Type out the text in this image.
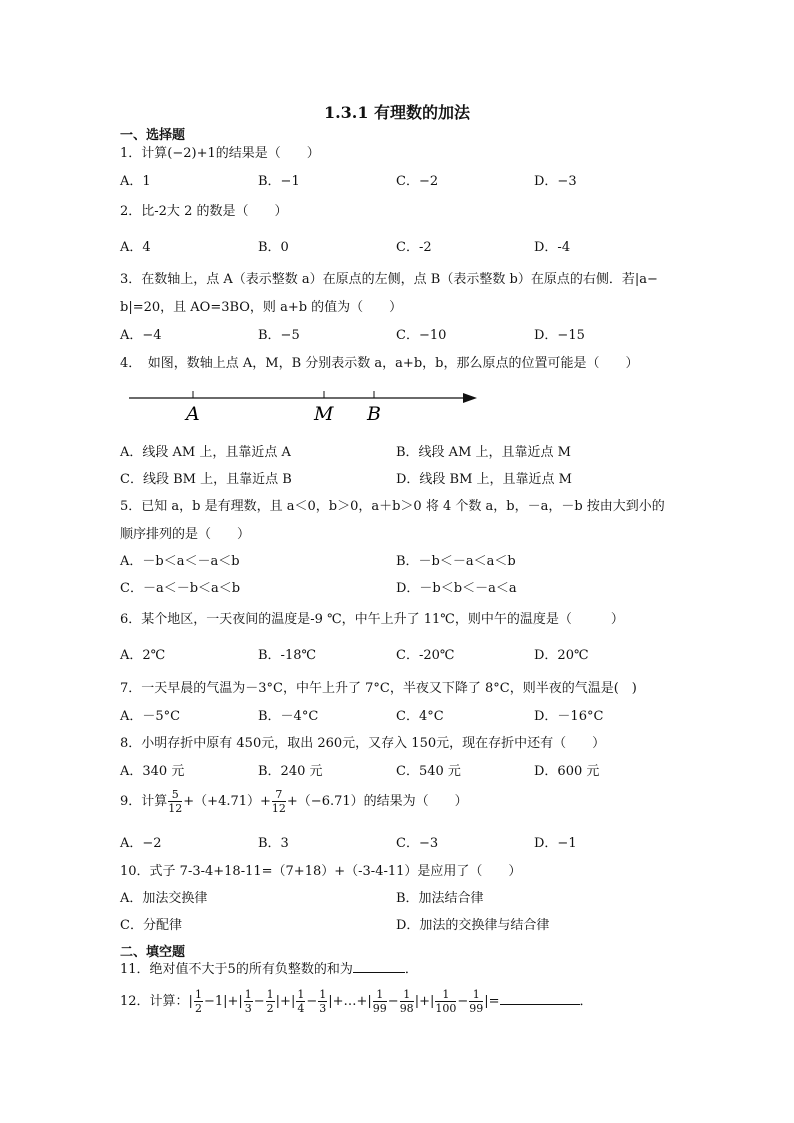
1.3.1 有理数的加法
一、选择题
1．计算(−2)+1的结果是（　　）
A．1	B．−1	C．−2	D．−3
2．比-2大 2 的数是（　　）
A．4	B．0	C．-2	D．-4
3．在数轴上，点 A（表示整数 a）在原点的左侧，点 B（表示整数 b）在原点的右侧．若|a−
b|=20，且 AO=3BO，则 a+b 的值为（　　）
A．−4	B．−5	C．−10	D．−15
4．　如图，数轴上点 A，M，B 分别表示数 a，a+b，b，那么原点的位置可能是（　　）
A	M B
A．线段 AM 上，且靠近点 A	B．线段 AM 上，且靠近点 M
C．线段 BM 上，且靠近点 B	D．线段 BM 上，且靠近点 M
5．已知 a，b 是有理数，且 a＜0，b＞0，a＋b＞0 将 4 个数 a，b，－a，－b 按由大到小的
顺序排列的是（　　）
A．－b＜a＜－a＜b	B．－b＜－a＜a＜b
C．－a＜－b＜a＜b	D．－b＜b＜－a＜a
6．某个地区，一天夜间的温度是-9 ℃，中午上升了 11℃，则中午的温度是（　　　）
A．2℃	B．-18℃	C．-20℃	D．20℃
7．一天早晨的气温为－3°C，中午上升了 7°C，半夜又下降了 8°C，则半夜的气温是(　)
A．－5°C	B．－4°C	C．4°C	D．－16°C
8．小明存折中原有 450元，取出 260元，又存入 150元，现在存折中还有（　　）
A．340 元	B．240 元	C．540 元	D．600 元
9．计算 $\frac{5}{12} +(+4.71)+ \frac{7}{12} +(-6.71)$的结果为（　　）
A．−2	B．3	C．−3	D．−1
10．式子 7-3-4+18-11=（7+18）+（-3-4-11）是应用了（　　）
A．加法交换律	B．加法结合律
C．分配律	D．加法的交换律与结合律
二、填空题
11．绝对值不大于5的所有负整数的和为	．
12．计算：| $\frac{1}{2} -1|+| \frac{1}{3} - \frac{1}{2}$ |+| $\frac{1}{4} - \frac{1}{3}$ |+…+| $\frac{1}{99} - \frac{1}{98}$ |+| $\frac{1}{100} - \frac{1}{99}$ |=	．
